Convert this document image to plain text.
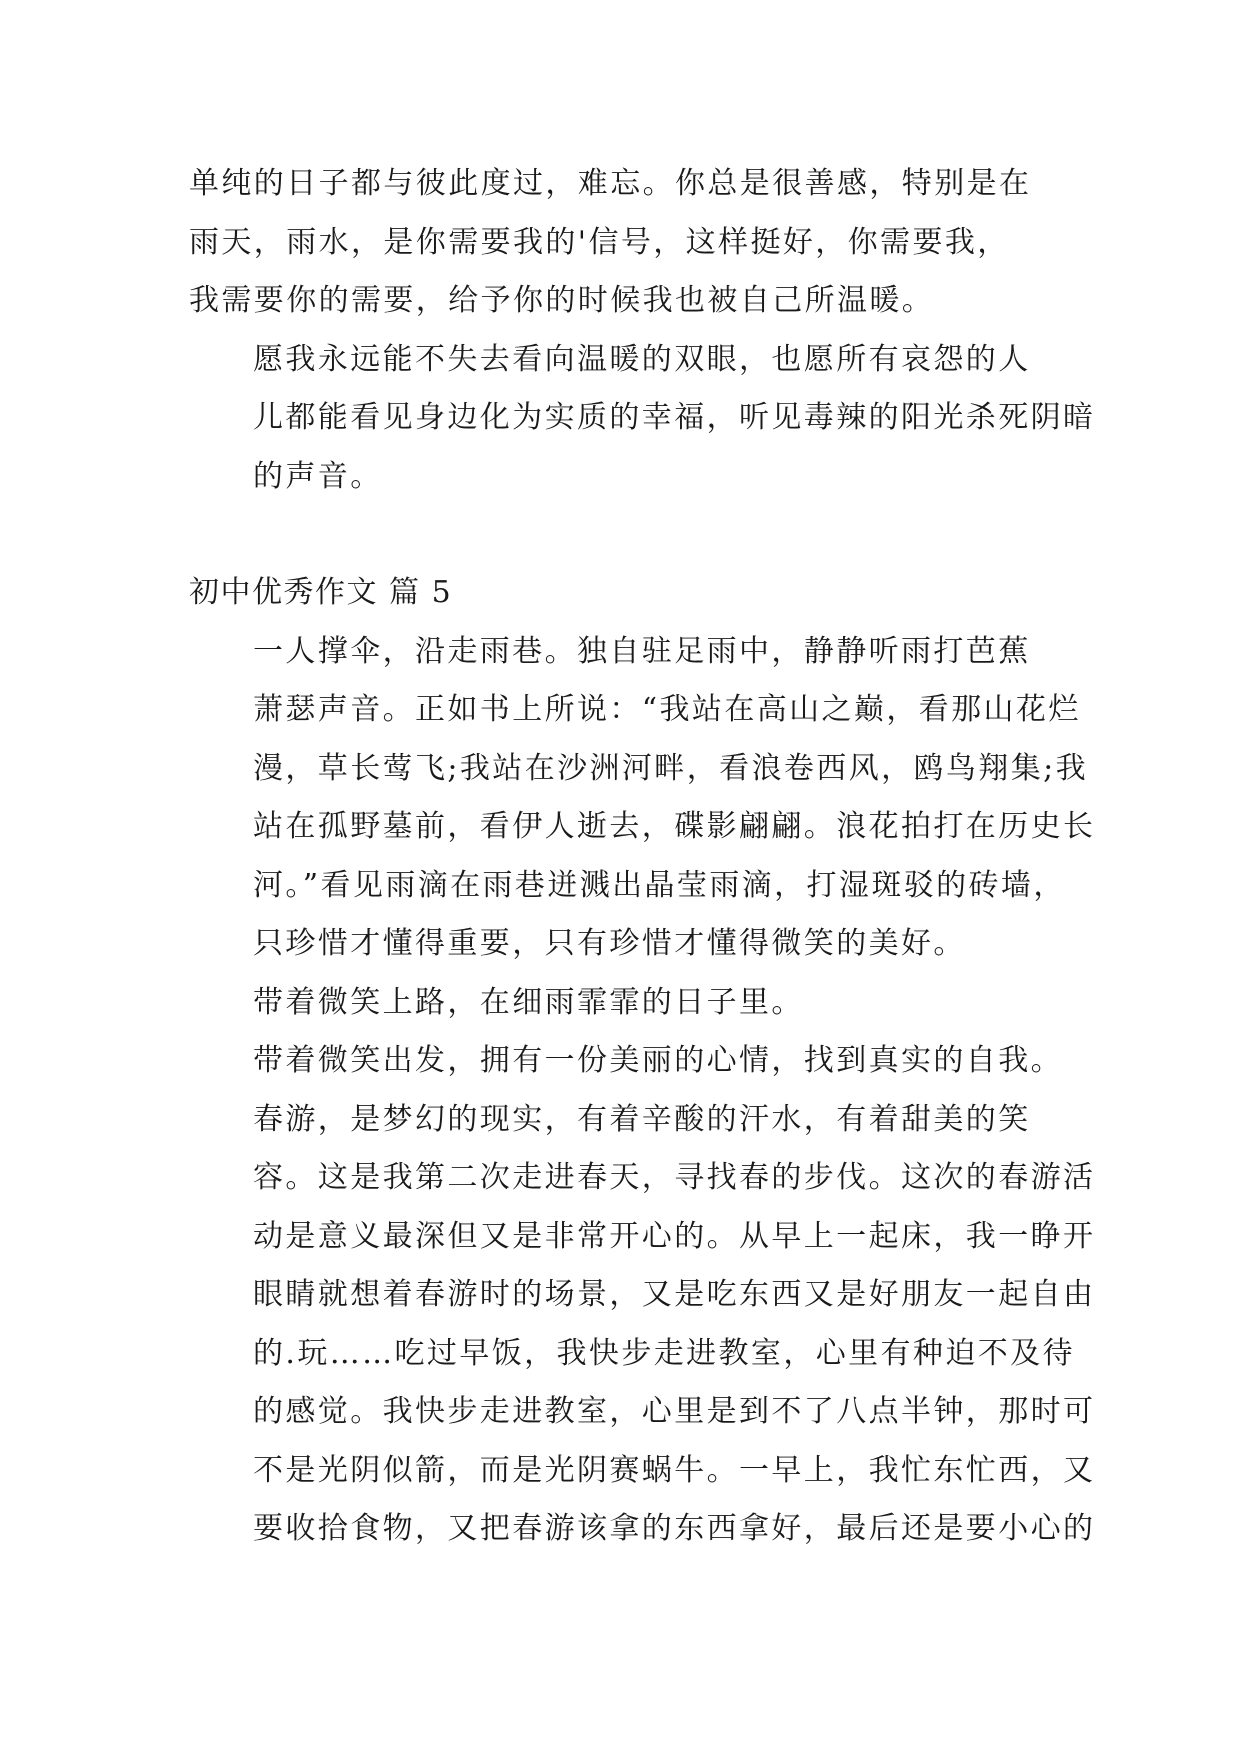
单纯的日子都与彼此度过，难忘。你总是很善感，特别是在
雨天，雨水，是你需要我的'信号，这样挺好，你需要我，
我需要你的需要，给予你的时候我也被自己所温暖。

愿我永远能不失去看向温暖的双眼，也愿所有哀怨的人
儿都能看见身边化为实质的幸福，听见毒辣的阳光杀死阴暗
的声音。

初中优秀作文 篇 5

一人撑伞，沿走雨巷。独自驻足雨中，静静听雨打芭蕉
萧瑟声音。正如书上所说：“我站在高山之巅，看那山花烂
漫，草长莺飞;我站在沙洲河畔，看浪卷西风，鸥鸟翔集;我
站在孤野墓前，看伊人逝去，碟影翩翩。浪花拍打在历史长
河。”看见雨滴在雨巷迸溅出晶莹雨滴，打湿斑驳的砖墙，
只珍惜才懂得重要，只有珍惜才懂得微笑的美好。

带着微笑上路，在细雨霏霏的日子里。

带着微笑出发，拥有一份美丽的心情，找到真实的自我。

春游，是梦幻的现实，有着辛酸的汗水，有着甜美的笑
容。这是我第二次走进春天，寻找春的步伐。这次的春游活
动是意义最深但又是非常开心的。从早上一起床，我一睁开
眼睛就想着春游时的场景，又是吃东西又是好朋友一起自由
的.玩……吃过早饭，我快步走进教室，心里有种迫不及待
的感觉。我快步走进教室，心里是到不了八点半钟，那时可
不是光阴似箭，而是光阴赛蜗牛。一早上，我忙东忙西，又
要收拾食物，又把春游该拿的东西拿好，最后还是要小心的
